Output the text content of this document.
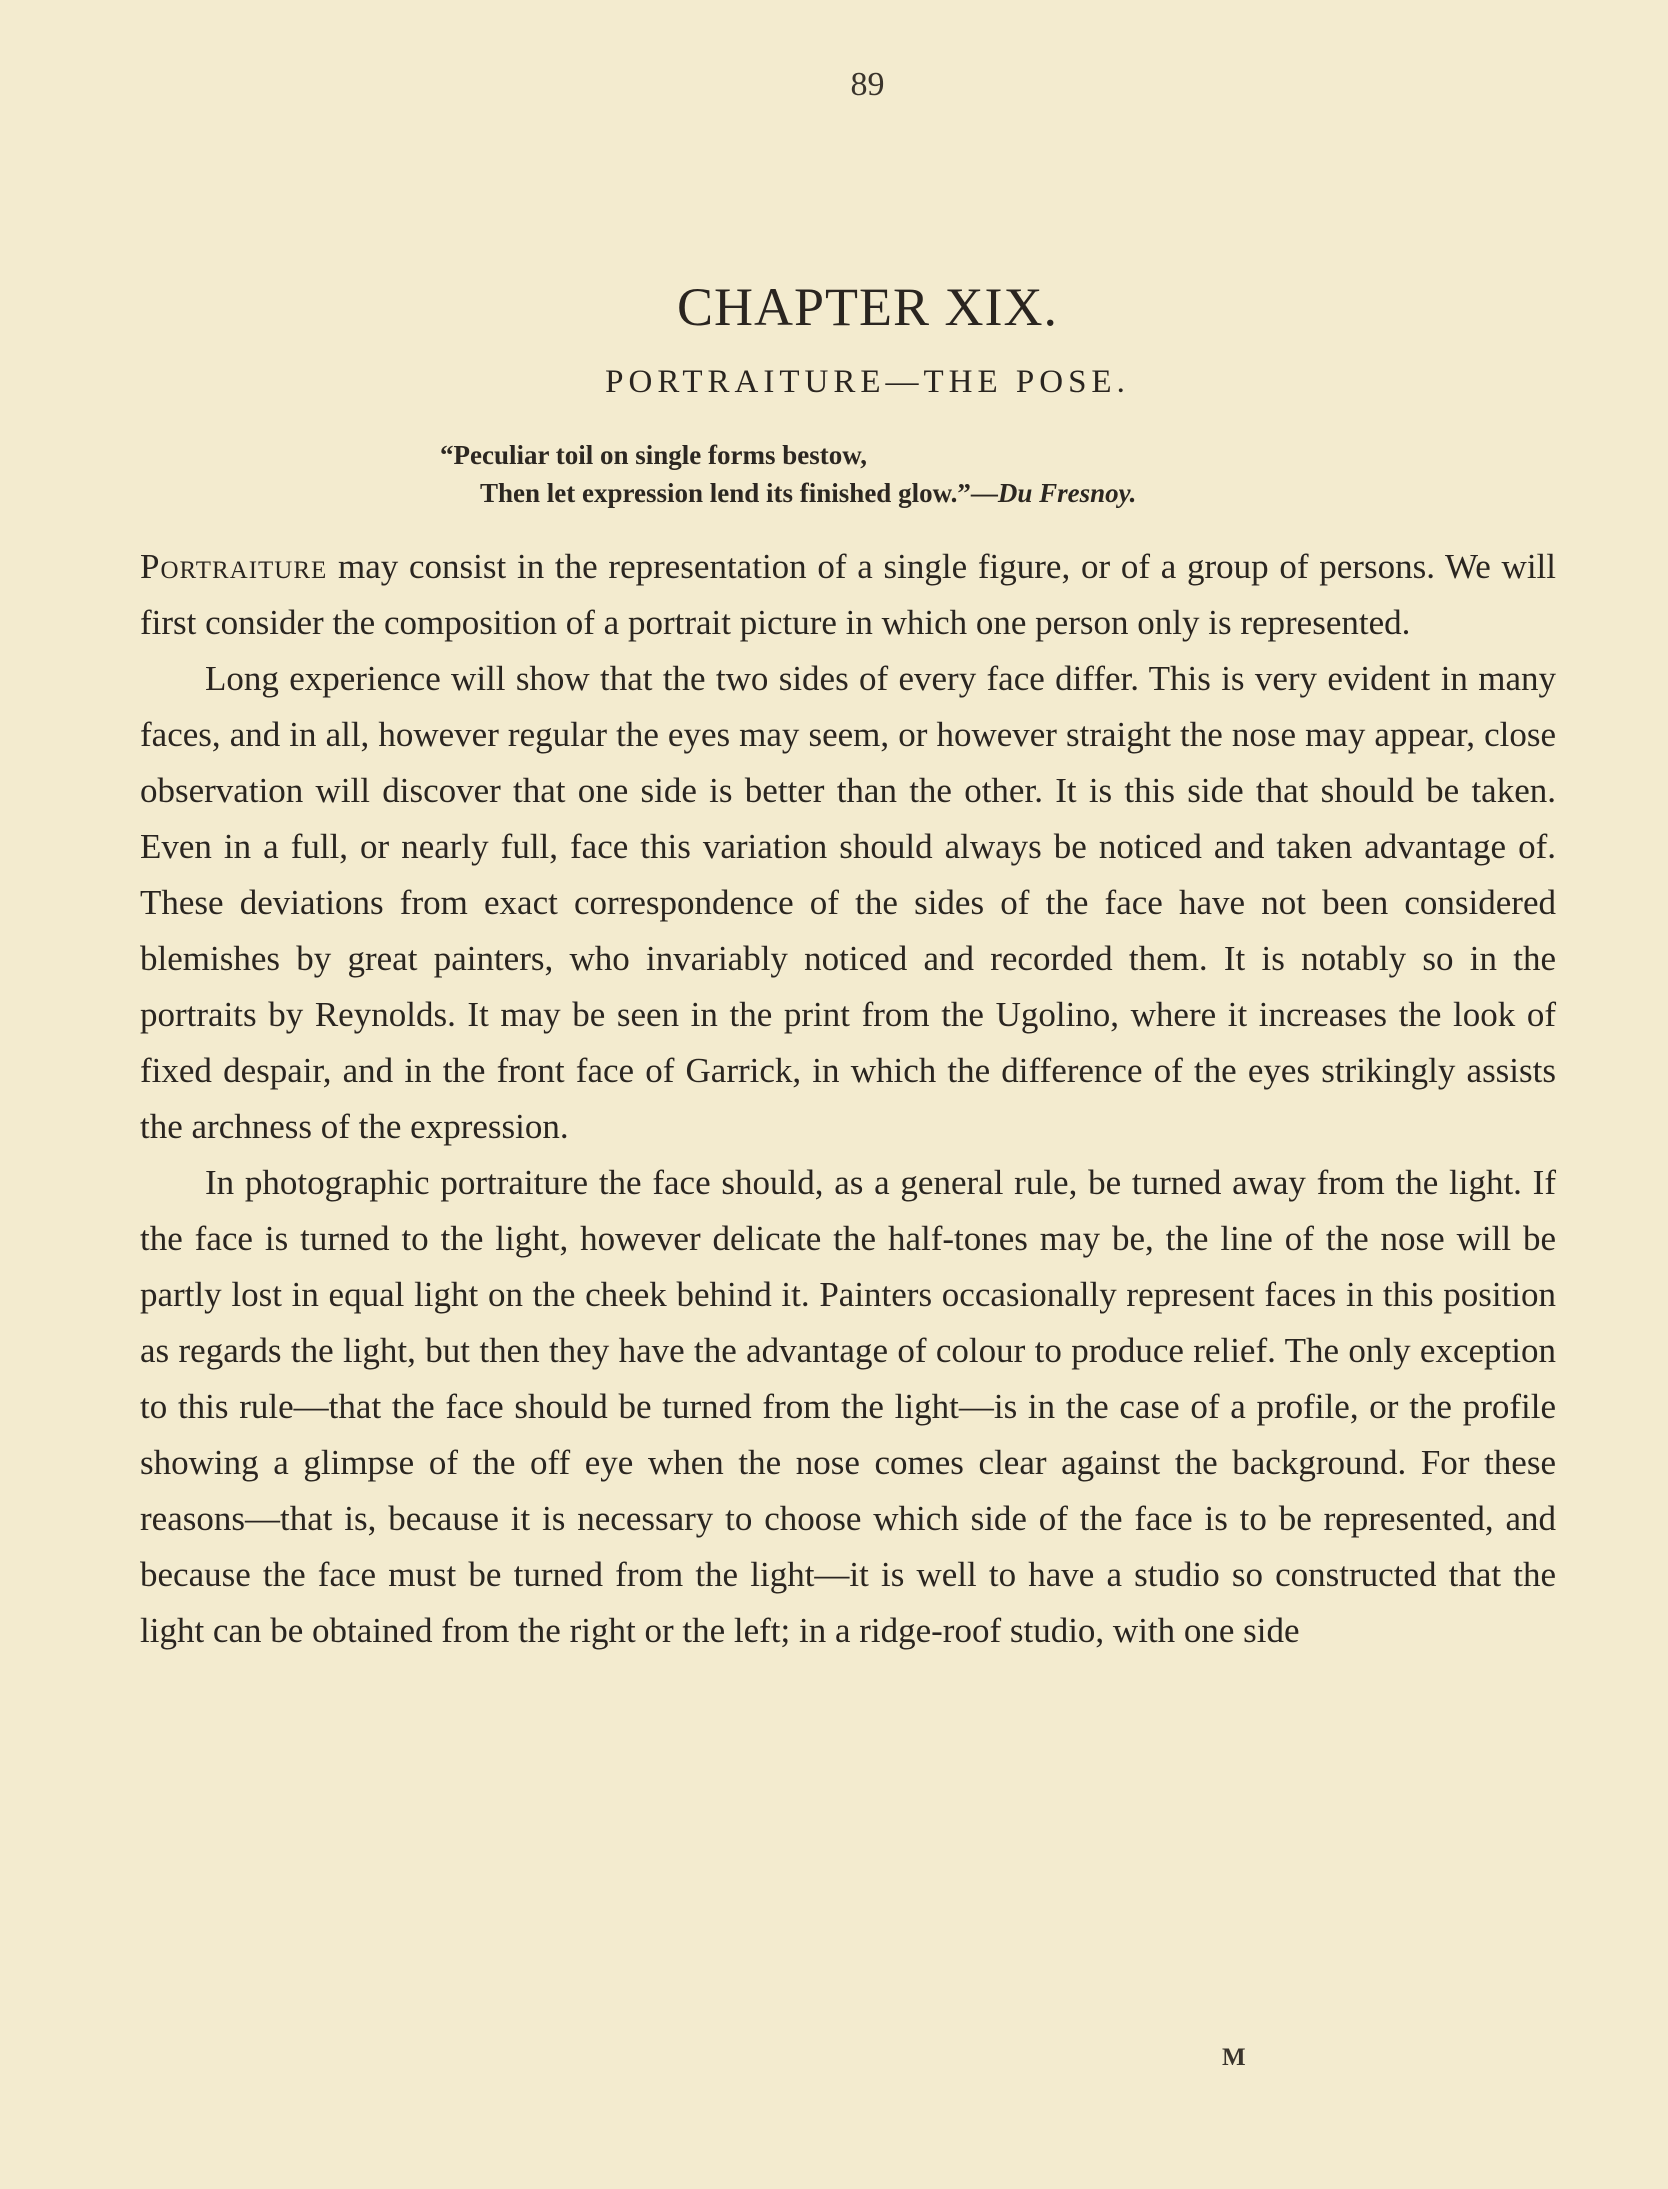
89
CHAPTER XIX.
PORTRAITURE—THE POSE.
“Peculiar toil on single forms bestow,
Then let expression lend its finished glow.”—Du Fresnoy.

Portraiture may consist in the representation of a single figure, or of a group of persons. We will first consider the composition of a portrait picture in which one person only is represented.

Long experience will show that the two sides of every face differ. This is very evident in many faces, and in all, however regular the eyes may seem, or however straight the nose may appear, close observation will discover that one side is better than the other. It is this side that should be taken. Even in a full, or nearly full, face this variation should always be noticed and taken advantage of. These deviations from exact correspondence of the sides of the face have not been considered blemishes by great painters, who invariably noticed and recorded them. It is notably so in the portraits by Reynolds. It may be seen in the print from the Ugolino, where it increases the look of fixed despair, and in the front face of Garrick, in which the difference of the eyes strikingly assists the archness of the expression.

In photographic portraiture the face should, as a general rule, be turned away from the light. If the face is turned to the light, however delicate the half-tones may be, the line of the nose will be partly lost in equal light on the cheek behind it. Painters occasionally represent faces in this position as regards the light, but then they have the advantage of colour to produce relief. The only exception to this rule—that the face should be turned from the light—is in the case of a profile, or the profile showing a glimpse of the off eye when the nose comes clear against the background. For these reasons—that is, because it is necessary to choose which side of the face is to be represented, and because the face must be turned from the light—it is well to have a studio so constructed that the light can be obtained from the right or the left; in a ridge-roof studio, with one side

M
